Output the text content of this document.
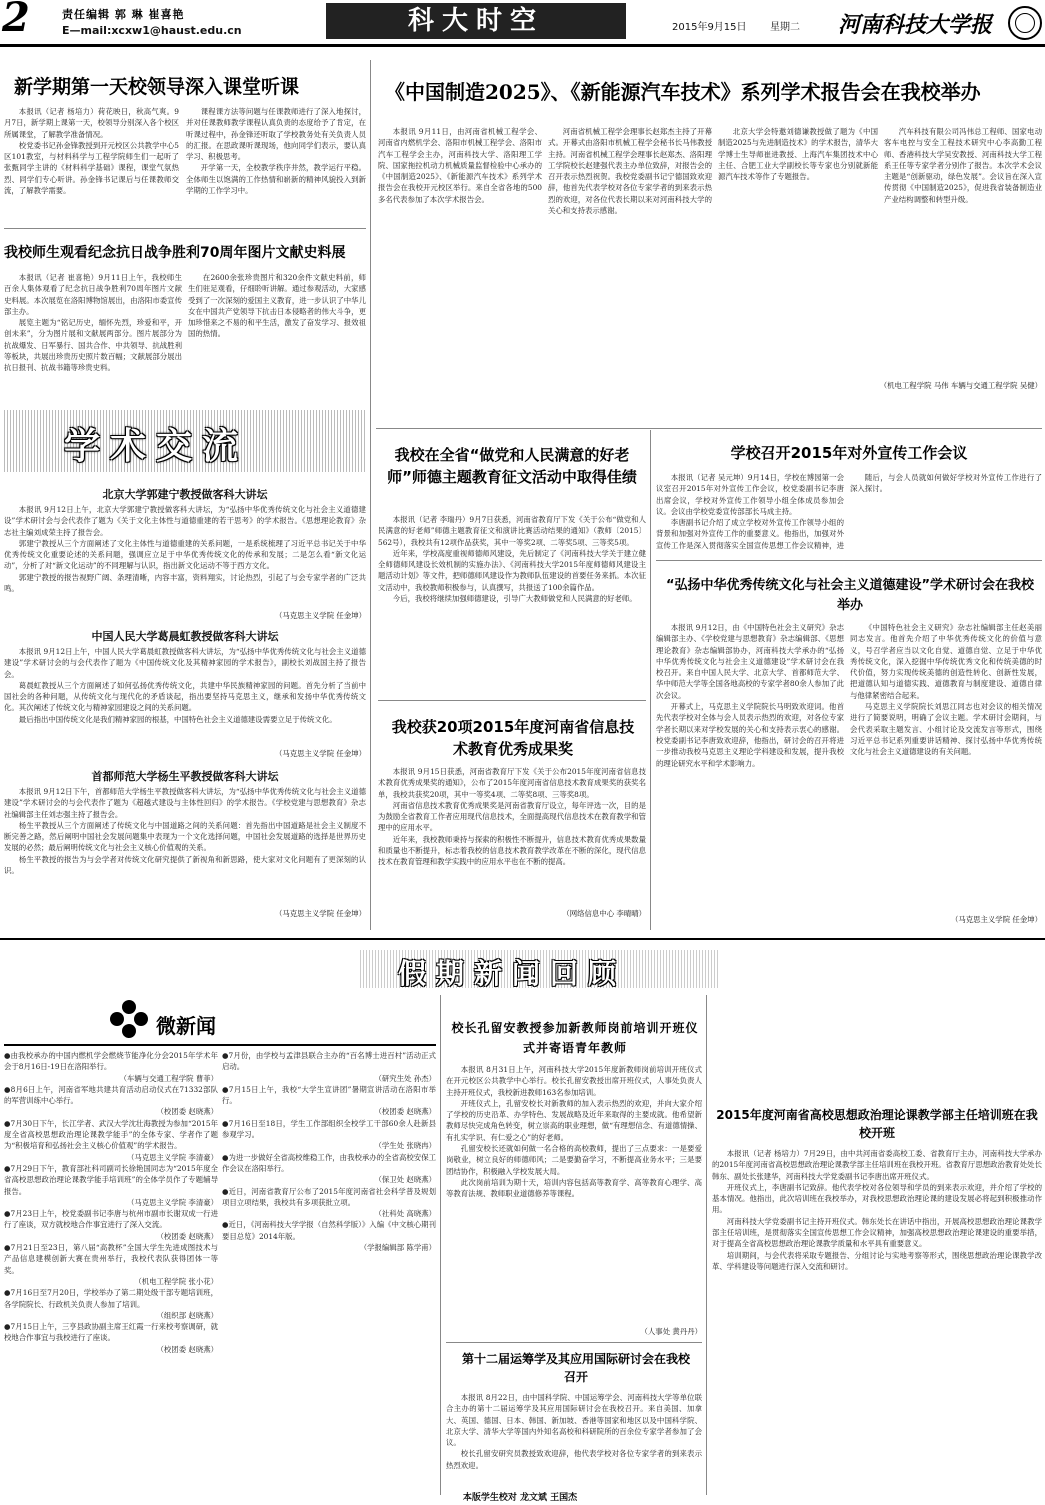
2	责任编辑 郭 琳 崔喜艳
E—mail:xcxw1@haust.edu.cn	科大时空	2015年9月15日 星期二 河南科技大学报
新学期第一天校领导深入课堂听课

本报讯（记者 杨培力）荷花映日，秋高气爽。9月7日，新学期上课第一天，校领导分别深入各个校区所属课堂，了解教学准备情况。

校党委书记孙金锋教授到开元校区公共教学中心5区101教室，与材料科学与工程学院师生们一起听了张甄同学主讲的《材料科学基础》课程，课堂气氛热烈、同学们专心听讲。孙金锋书记课后与任课教师交流，了解教学需要。

课程课方法等问题与任课教师进行了深入地探讨，并对任课教师教学课程认真负责的态度给予了肯定，在听课过程中，孙金锋还听取了学校教务处有关负责人员的汇报。在思政课听课现场，他向同学们表示，要认真学习、积极思考。

开学第一天，全校教学秩序井然，教学运行平稳。全体师生以饱满的工作热情和崭新的精神风貌投入到新学期的工作学习中。

我校师生观看纪念抗日战争胜利70周年图片文献史料展

本报讯（记者 崔喜艳）9月11日上午，我校师生百余人集体观看了纪念抗日战争胜利70周年图片文献史料展。本次展览在洛阳博物馆展出，由洛阳市委宣传部主办。

展览主题为“铭记历史，缅怀先烈，珍爱和平，开创未来”，分为图片展和文献展两部分。图片展部分为抗战爆发、日军暴行、国共合作、中共领导、抗战胜利等板块，共展出珍贵历史照片数百幅；文献展部分展出抗日报刊、抗战书籍等珍贵史料。

在2600余张珍贵图片和320余件文献史料前，师生们驻足观看，仔细聆听讲解。通过参观活动，大家感受到了一次深刻的爱国主义教育，进一步认识了中华儿女在中国共产党领导下抗击日本侵略者的伟大斗争，更加珍惜来之不易的和平生活，激发了奋发学习、报效祖国的热情。

学术交流
北京大学郭建宁教授做客科大讲坛

本报讯 9月12日上午，北京大学郭建宁教授做客科大讲坛，为“弘扬中华优秀传统文化与社会主义道德建设”学术研讨会与会代表作了题为《关于文化主体性与道德重建的若干思考》的学术报告。《思想理论教育》杂志社主编刘成荣主持了报告会。

郭建宁教授从三个方面阐述了文化主体性与道德重建的关系问题，一是系统梳理了习近平总书记关于中华优秀传统文化重要论述的关系问题，强调应立足于中华优秀传统文化的传承和发展；二是怎么看“新文化运动”，分析了对“新文化运动”的不同理解与认识，指出新文化运动不等于西方文化。

郭建宁教授的报告视野广阔、条理清晰，内容丰富，资料翔实，讨论热烈，引起了与会专家学者的广泛共鸣。

（马克思主义学院 任金坤）
中国人民大学葛晨虹教授做客科大讲坛

本报讯 9月12日上午，中国人民大学葛晨虹教授做客科大讲坛，为“弘扬中华优秀传统文化与社会主义道德建设”学术研讨会的与会代表作了题为《中国传统文化及其精神家园的学术报告》，副校长刘战国主持了报告会。

葛晨虹教授从三个方面阐述了如何弘扬优秀传统文化，共建中华民族精神家园的问题。首先分析了当前中国社会的各种问题，从传统文化与现代化的矛盾谈起，指出要坚持马克思主义，继承和发扬中华优秀传统文化。其次阐述了传统文化与精神家园建设之间的关系问题。

最后指出中国传统文化是我们精神家园的根基，中国特色社会主义道德建设需要立足于传统文化。

（马克思主义学院 任金坤）
首都师范大学杨生平教授做客科大讲坛

本报讯 9月12日下午，首都师范大学杨生平教授做客科大讲坛，为“弘扬中华优秀传统文化与社会主义道德建设”学术研讨会的与会代表作了题为《超越式建设与主体性回归》的学术报告。《学校党建与思想教育》杂志社编辑部主任刘志强主持了报告会。

杨生平教授从三个方面阐述了传统文化与中国道路之间的关系问题：首先指出中国道路是社会主义制度不断完善之路，然后阐明中国社会发展问题集中表现为一个文化选择问题，中国社会发展道路的选择是世界历史发展的必然；最后阐明传统文化与社会主义核心价值观的关系。

杨生平教授的报告为与会学者对传统文化研究提供了新视角和新思路，使大家对文化问题有了更深刻的认识。

（马克思主义学院 任金坤）
《中国制造2025》、《新能源汽车技术》系列学术报告会在我校举办

本报讯 9月11日，由河南省机械工程学会、河南省内燃机学会、洛阳市机械工程学会、洛阳市汽车工程学会主办，河南科技大学、洛阳理工学院、国家拖拉机动力机械质量监督检验中心承办的《中国制造2025》、《新能源汽车技术》系列学术报告会在我校开元校区举行。来自全省各地的500多名代表参加了本次学术报告会。

河南省机械工程学会理事长赵郑杰主持了开幕式。开幕式由洛阳市机械工程学会秘书长马伟教授主持。河南省机械工程学会理事长赵郑杰、洛阳理工学院校长赵建强代表主办单位致辞，对报告会的召开表示热烈祝贺。我校党委副书记宁德国致欢迎辞，他首先代表学校对各位专家学者的到来表示热烈的欢迎，对各位代表长期以来对河南科技大学的关心和支持表示感谢。

北京大学会特邀刘德谦教授做了题为《中国制造2025与先进制造技术》的学术报告，清华大学博士生导师崔进教授、上海汽车集团技术中心主任、合肥工业大学副校长等专家也分别就新能源汽车技术等作了专题报告。

汽车科技有限公司冯伟总工程师、国家电动客车电控与安全工程技术研究中心李高勤工程师、香港科技大学吴安教授、河南科技大学工程系王任等专家学者分别作了报告。本次学术会议主题是“创新驱动，绿色发展”。会议旨在深入宣传贯彻《中国制造2025》，促进我省装备制造业产业结构调整和转型升级。

（机电工程学院 马伟 车辆与交通工程学院 吴健）
我校在全省“做党和人民满意的好老师”师德主题教育征文活动中取得佳绩

本报讯（记者 李瑞丹）9月7日获悉，河南省教育厅下发《关于公布“做党和人民满意的好老师”师德主题教育征文和演讲比赛活动结果的通知》（教师〔2015〕562号），我校共有12项作品获奖，其中一等奖2项、二等奖5项、三等奖5项。

近年来，学校高度重视师德师风建设，先后制定了《河南科技大学关于建立健全师德师风建设长效机制的实施办法》、《河南科技大学2015年度师德师风建设主题活动计划》等文件，把师德师风建设作为教师队伍建设的首要任务来抓。本次征文活动中，我校教师积极参与，认真撰写，共报送了100余篇作品。

今后，我校将继续加强师德建设，引导广大教师做党和人民满意的好老师。

我校获20项2015年度河南省信息技术教育优秀成果奖

本报讯 9月15日获悉，河南省教育厅下发《关于公布2015年度河南省信息技术教育优秀成果奖的通知》，公布了2015年度河南省信息技术教育成果奖的获奖名单，我校共获奖20项，其中一等奖4项、二等奖8项、三等奖8项。

河南省信息技术教育优秀成果奖是河南省教育厅设立，每年评选一次，目的是为鼓励全省教育工作者应用现代信息技术，全面提高现代信息技术在教育教学和管理中的应用水平。

近年来，我校教师秉持与探索的积极性不断提升，信息技术教育优秀成果数量和质量也不断提升，标志着我校的信息技术教育教学改革在不断的深化，现代信息技术在教育管理和教学实践中的应用水平也在不断的提高。

（网络信息中心 李晴晴）
学校召开2015年对外宣传工作会议

本报讯（记者 吴元坤）9月14日，学校在博园第一会议室召开2015年对外宣传工作会议，校党委副书记李唐出席会议，学校对外宣传工作领导小组全体成员参加会议。会议由学校党委宣传部部长马成主持。

李唐副书记介绍了成立学校对外宣传工作领导小组的背景和加强对外宣传工作的重要意义。他指出，加强对外宣传工作是深入贯彻落实全国宣传思想工作会议精神，进

随后，与会人员就如何做好学校对外宣传工作进行了深入探讨。

“弘扬中华优秀传统文化与社会主义道德建设”学术研讨会在我校举办

本报讯 9月12日，由《中国特色社会主义研究》杂志编辑部主办、《学校党建与思想教育》杂志编辑部、《思想理论教育》杂志编辑部协办，河南科技大学承办的“弘扬中华优秀传统文化与社会主义道德建设”学术研讨会在我校召开。来自中国人民大学、北京大学、首都师范大学、华中师范大学等全国各地高校的专家学者80余人参加了此次会议。

开幕式上，马克思主义学院院长马明致欢迎词。他首先代表学校对全体与会人员表示热烈的欢迎，对各位专家学者长期以来对学校发展的关心和支持表示衷心的感谢。校党委副书记李唐致欢迎辞，他指出，研讨会的召开将进一步推动我校马克思主义理论学科建设和发展，提升我校的理论研究水平和学术影响力。

《中国特色社会主义研究》杂志社编辑部主任赵美丽同志发言。他首先介绍了中华优秀传统文化的价值与意义，号召学者应当以文化自觉、道德自觉、立足于中华优秀传统文化，深入挖掘中华传统优秀文化和传统美德的时代价值，努力实现传统美德的创造性转化、创新性发展，把道德认知与道德实践、道德教育与制度建设、道德自律与他律紧密结合起来。

马克思主义学院院长刘思江同志也对会议的相关情况进行了简要说明，明确了会议主题。学术研讨会期间，与会代表采取主题发言、小组讨论及交流发言等形式，围绕习近平总书记系列重要讲话精神、探讨弘扬中华优秀传统文化与社会主义道德建设的有关问题。

（马克思主义学院 任金坤）
假期新闻回顾
微新闻
●由我校承办的中国内燃机学会燃烧节能净化分会2015年学术年会于8月16日-19日在洛阳举行。
（车辆与交通工程学院 曹菲）
●8月6日上午，河南省军地共建共育活动启动仪式在71332部队的军营训练中心举行。
（校团委 赵晓燕）
●7月30日下午，长江学者、武汉大学沈壮海教授为参加“2015年度全省高校思想政治理论课教学能手”的全体专家、学者作了题为“积极培育和弘扬社会主义核心价值观”的学术报告。
（马克思主义学院 李清豪）
●7月29日下午，教育部社科司副司长徐艳国同志为“2015年度全省高校思想政治理论课教学能手培训班”的全体学员作了专题辅导报告。
（马克思主义学院 李清豪）
●7月23日上午，校党委副书记李唐与杭州市副市长谢双成一行进行了座谈，双方就校地合作事宜进行了深入交流。
（校团委 赵晓燕）
●7月21日至23日，第八届“高教杯”全国大学生先进成图技术与产品信息建模创新大赛在贵州举行，我校代表队获得团体一等奖。
（机电工程学院 张小花）
●7月16日至7月20日，学校举办了第二期处级干部专题培训班，各学院院长、行政机关负责人参加了培训。
（组织部 赵晓燕）
●7月15日上午，三亨县政协副主席王红霞一行来校考察调研，就校地合作事宜与我校进行了座谈。
（校团委 赵晓燕）
●7月份，由学校与孟津县联合主办的“百名博士进百村”活动正式启动。
（研究生处 孙杰）
●7月15日上午，我校“大学生宣讲团”暑期宣讲活动在洛阳市举行。
（校团委 赵晓燕）
●7月16日至18日，学生工作部组织全校学工干部60余人赴新县参观学习。
（学生处 张晓冉）
●为进一步做好全省高校维稳工作，由我校承办的全省高校安保工作会议在洛阳举行。
（保卫处 赵晓燕）
●近日，河南省教育厅公布了2015年度河南省社会科学普及规划项目立项结果，我校共有多项获批立项。
（社科处 高晓燕）
●近日，《河南科技大学学报（自然科学版）》入编《中文核心期刊要目总览》2014年版。
（学报编辑部 陈学甫）
校长孔留安教授参加新教师岗前培训开班仪式并寄语青年教师

本报讯 8月31日上午，河南科技大学2015年度新教师岗前培训开班仪式在开元校区公共教学中心举行。校长孔留安教授出席开班仪式，人事处负责人主持开班仪式，我校新进教师163名参加培训。

开班仪式上，孔留安校长对新教师的加入表示热烈的欢迎，并向大家介绍了学校的历史沿革、办学特色、发展战略及近年来取得的主要成就。他希望新教师尽快完成角色转变，树立崇高的职业理想，做“有理想信念、有道德情操、有扎实学识、有仁爱之心”的好老师。

孔留安校长还就如何做一名合格的高校教师，提出了三点要求：一是要爱岗敬业，树立良好的师德师风；二是要勤奋学习，不断提高业务水平；三是要团结协作，积极融入学校发展大局。

此次岗前培训为期十天，培训内容包括高等教育学、高等教育心理学、高等教育法规、教师职业道德修养等课程。

（人事处 黄丹丹）
第十二届运筹学及其应用国际研讨会在我校召开

本报讯 8月22日，由中国科学院、中国运筹学会、河南科技大学等单位联合主办的第十二届运筹学及其应用国际研讨会在我校召开。来自美国、加拿大、英国、德国、日本、韩国、新加坡、香港等国家和地区以及中国科学院、北京大学、清华大学等国内外知名高校和科研院所的百余位专家学者参加了会议。

校长孔留安研究员教授致欢迎辞，他代表学校对各位专家学者的到来表示热烈欢迎。

2015年度河南省高校思想政治理论课教学部主任培训班在我校开班

本报讯（记者 杨培力）7月29日，由中共河南省委高校工委、省教育厅主办，河南科技大学承办的2015年度河南省高校思想政治理论课教学部主任培训班在我校开班。省教育厅思想政治教育处处长韩东、副处长张建华，河南科技大学党委副书记李唐出席开班仪式。

开班仪式上，李唐副书记致辞。他代表学校对各位领导和学员的到来表示欢迎，并介绍了学校的基本情况。他指出，此次培训班在我校举办，对我校思想政治理论课的建设发展必将起到积极推动作用。

河南科技大学党委副书记主持开班仪式。韩东处长在讲话中指出，开展高校思想政治理论课教学部主任培训班，是贯彻落实全国宣传思想工作会议精神，加强高校思想政治理论课建设的重要举措，对于提高全省高校思想政治理论课教学质量和水平具有重要意义。

培训期间，与会代表将采取专题报告、分组讨论与实地考察等形式，围绕思想政治理论课教学改革、学科建设等问题进行深入交流和研讨。

本版学生校对 龙文斌 王国杰
